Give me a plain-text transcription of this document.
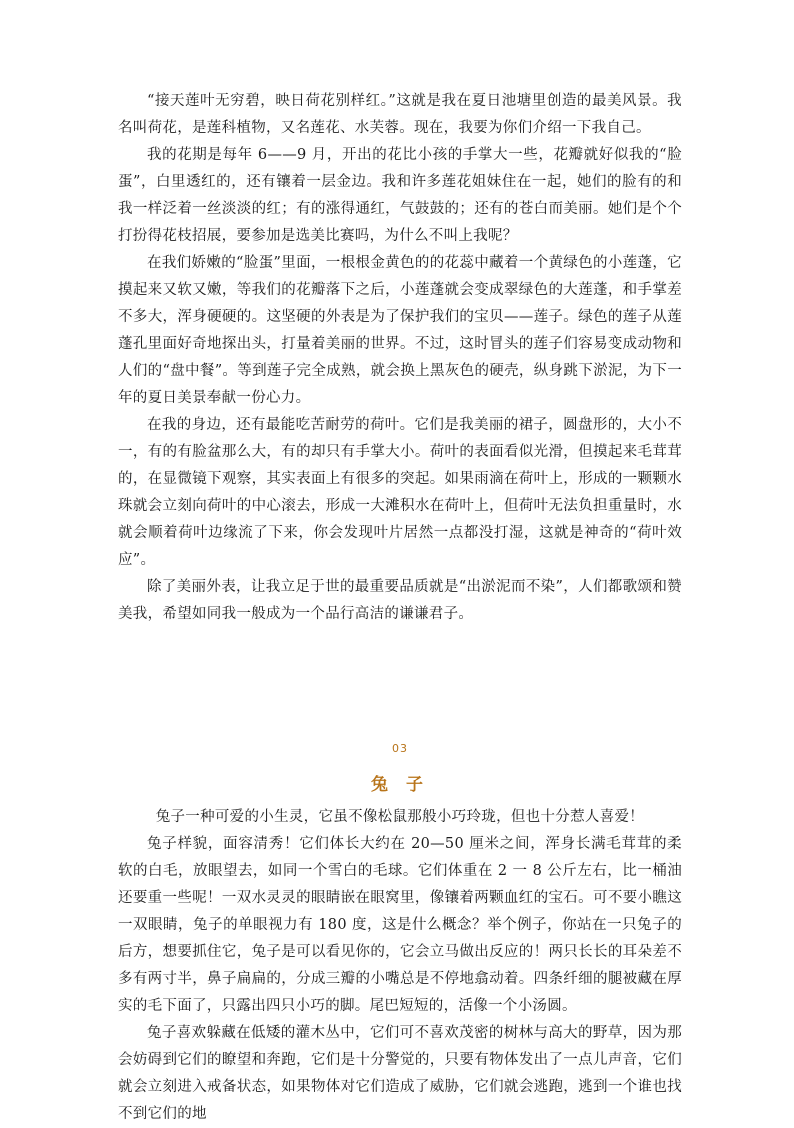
“接天莲叶无穷碧，映日荷花别样红。”这就是我在夏日池塘里创造的最美风景。我名叫荷花，是莲科植物，又名莲花、水芙蓉。现在，我要为你们介绍一下我自己。

我的花期是每年 6——9 月，开出的花比小孩的手掌大一些，花瓣就好似我的“脸蛋”，白里透红的，还有镶着一层金边。我和许多莲花姐妹住在一起，她们的脸有的和我一样泛着一丝淡淡的红；有的涨得通红，气鼓鼓的；还有的苍白而美丽。她们是个个打扮得花枝招展，要参加是选美比赛吗，为什么不叫上我呢？

在我们娇嫩的“脸蛋”里面，一根根金黄色的的花蕊中藏着一个黄绿色的小莲蓬，它摸起来又软又嫩，等我们的花瓣落下之后，小莲蓬就会变成翠绿色的大莲蓬，和手掌差不多大，浑身硬硬的。这坚硬的外表是为了保护我们的宝贝——莲子。绿色的莲子从莲蓬孔里面好奇地探出头，打量着美丽的世界。不过，这时冒头的莲子们容易变成动物和人们的“盘中餐”。等到莲子完全成熟，就会换上黑灰色的硬壳，纵身跳下淤泥，为下一年的夏日美景奉献一份心力。

在我的身边，还有最能吃苦耐劳的荷叶。它们是我美丽的裙子，圆盘形的，大小不一，有的有脸盆那么大，有的却只有手掌大小。荷叶的表面看似光滑，但摸起来毛茸茸的，在显微镜下观察，其实表面上有很多的突起。如果雨滴在荷叶上，形成的一颗颗水珠就会立刻向荷叶的中心滚去，形成一大滩积水在荷叶上，但荷叶无法负担重量时，水就会顺着荷叶边缘流了下来，你会发现叶片居然一点都没打湿，这就是神奇的“荷叶效应”。

除了美丽外表，让我立足于世的最重要品质就是“出淤泥而不染”，人们都歌颂和赞美我，希望如同我一般成为一个品行高洁的谦谦君子。

03

兔 子

兔子一种可爱的小生灵，它虽不像松鼠那般小巧玲珑，但也十分惹人喜爱！

兔子样貌，面容清秀！它们体长大约在 20—50 厘米之间，浑身长满毛茸茸的柔软的白毛，放眼望去，如同一个雪白的毛球。它们体重在 2 一 8 公斤左右，比一桶油还要重一些呢！一双水灵灵的眼睛嵌在眼窝里，像镶着两颗血红的宝石。可不要小瞧这一双眼睛，兔子的单眼视力有 180 度，这是什么概念？举个例子，你站在一只兔子的后方，想要抓住它，兔子是可以看见你的，它会立马做出反应的！两只长长的耳朵差不多有两寸半，鼻子扁扁的，分成三瓣的小嘴总是不停地翕动着。四条纤细的腿被藏在厚实的毛下面了，只露出四只小巧的脚。尾巴短短的，活像一个小汤圆。

兔子喜欢躲藏在低矮的灌木丛中，它们可不喜欢茂密的树林与高大的野草，因为那会妨碍到它们的瞭望和奔跑，它们是十分警觉的，只要有物体发出了一点儿声音，它们就会立刻进入戒备状态，如果物体对它们造成了威胁，它们就会逃跑，逃到一个谁也找不到它们的地
